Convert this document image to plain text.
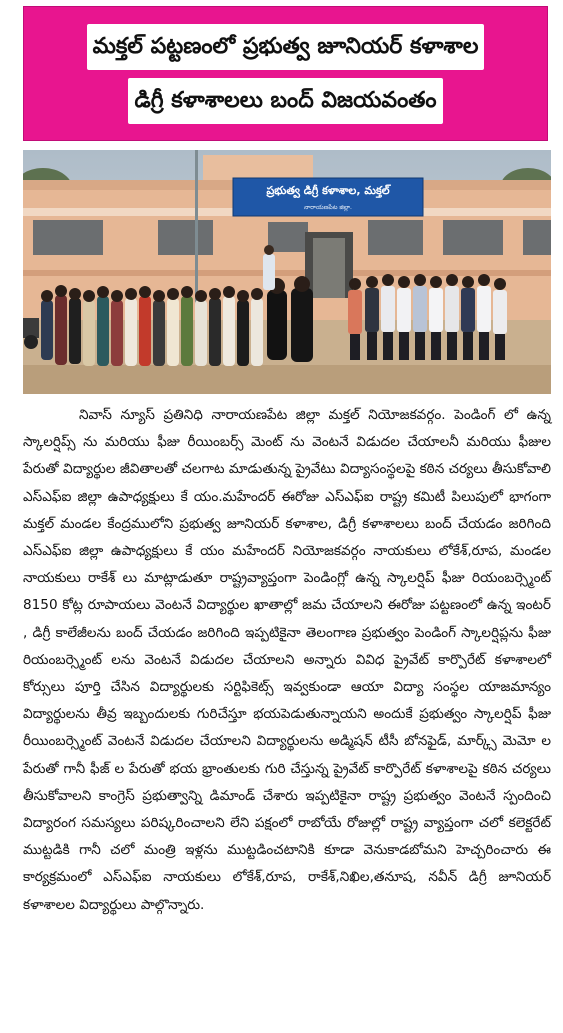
మక్తల్ పట్టణంలో ప్రభుత్వ జూనియర్ కళాశాల
డిగ్రీ కళాశాలలు బంద్ విజయవంతం
ప్రభుత్వ డిగ్రీ కళాశాల, మక్తల్
నారాయణపేట జిల్లా.

నివాస్ న్యూస్ ప్రతినిధి నారాయణపేట జిల్లా మక్తల్ నియోజకవర్గం. పెండింగ్ లో ఉన్న స్కాలర్షిప్స్ ను మరియు ఫీజు రీయింబర్స్ మెంట్ ను వెంటనే విడుదల చేయాలనీ మరియు ఫీజుల పేరుతో విద్యార్థుల జీవితాలతో చలగాట మాడుతున్న ప్రైవేటు విద్యాసంస్థలపై కఠిన చర్యలు తీసుకోవాలి ఎస్ఎఫ్ఐ జిల్లా ఉపాధ్యక్షులు కే యం.మహేందర్ ఈరోజు ఎస్ఎఫ్ఐ రాష్ట్ర కమిటీ పిలుపులో భాగంగా మక్తల్ మండల కేంద్రములోని ప్రభుత్వ జూనియర్ కళాశాల, డిగ్రీ కళాశాలలు బంద్ చేయడం జరిగింది ఎస్ఎఫ్ఐ జిల్లా ఉపాధ్యక్షులు కే యం మహేందర్ నియోజకవర్గం నాయకులు లోకేశ్,రూప, మండల నాయకులు రాకేశ్ లు మాట్లాడుతూ రాష్ట్రవ్యాప్తంగా పెండింగ్లో ఉన్న స్కాలర్షిప్ ఫీజు రియంబర్స్మెంట్ 8150 కోట్ల రూపాయలు వెంటనే విద్యార్థుల ఖాతాల్లో జమ చేయాలని ఈరోజు పట్టణంలో ఉన్న ఇంటర్ , డిగ్రీ కాలేజీలను బంద్ చేయడం జరిగింది ఇప్పటికైనా తెలంగాణ ప్రభుత్వం పెండింగ్ స్కాలర్షిప్లను ఫీజు రియంబర్స్మెంట్ లను వెంటనే విడుదల చేయాలని అన్నారు వివిధ ప్రైవేట్ కార్పొరేట్ కళాశాలలో కోర్సులు పూర్తి చేసిన విద్యార్థులకు సర్టిఫికెట్స్ ఇవ్వకుండా ఆయా విద్యా సంస్థల యాజమాన్యం విద్యార్థులను తీవ్ర ఇబ్బందులకు గురిచేస్తూ భయపెడుతున్నాయని అందుకే ప్రభుత్వం స్కాలర్షిప్ ఫీజు రీయింబర్స్మెంట్ వెంటనే విడుదల చేయాలని విద్యార్థులను అడ్మిషన్ టీసీ బోనఫైడ్, మార్క్స్ మెమో ల పేరుతో గానీ ఫీజ్ ల పేరుతో భయ భ్రాంతులకు గురి చేస్తున్న ప్రైవేట్ కార్పొరేట్ కళాశాలపై కఠిన చర్యలు తీసుకోవాలని కాంగ్రెస్ ప్రభుత్వాన్ని డిమాండ్ చేశారు ఇప్పటికైనా రాష్ట్ర ప్రభుత్వం వెంటనే స్పందించి విద్యారంగ సమస్యలు పరిష్కరించాలని లేని పక్షంలో రాబోయే రోజుల్లో రాష్ట్ర వ్యాప్తంగా చలో కలెక్టరేట్ ముట్టడికి గానీ చలో మంత్రి ఇళ్లను ముట్టడించటానికి కూడా వెనుకాడబోమని హెచ్చరించారు ఈ కార్యక్రమంలో ఎస్ఎఫ్ఐ నాయకులు లోకేశ్,రూప, రాకేశ్,నిఖిల,తనూష, నవీన్ డిగ్రీ జూనియర్ కళాశాలల విద్యార్థులు పాల్గొన్నారు.
